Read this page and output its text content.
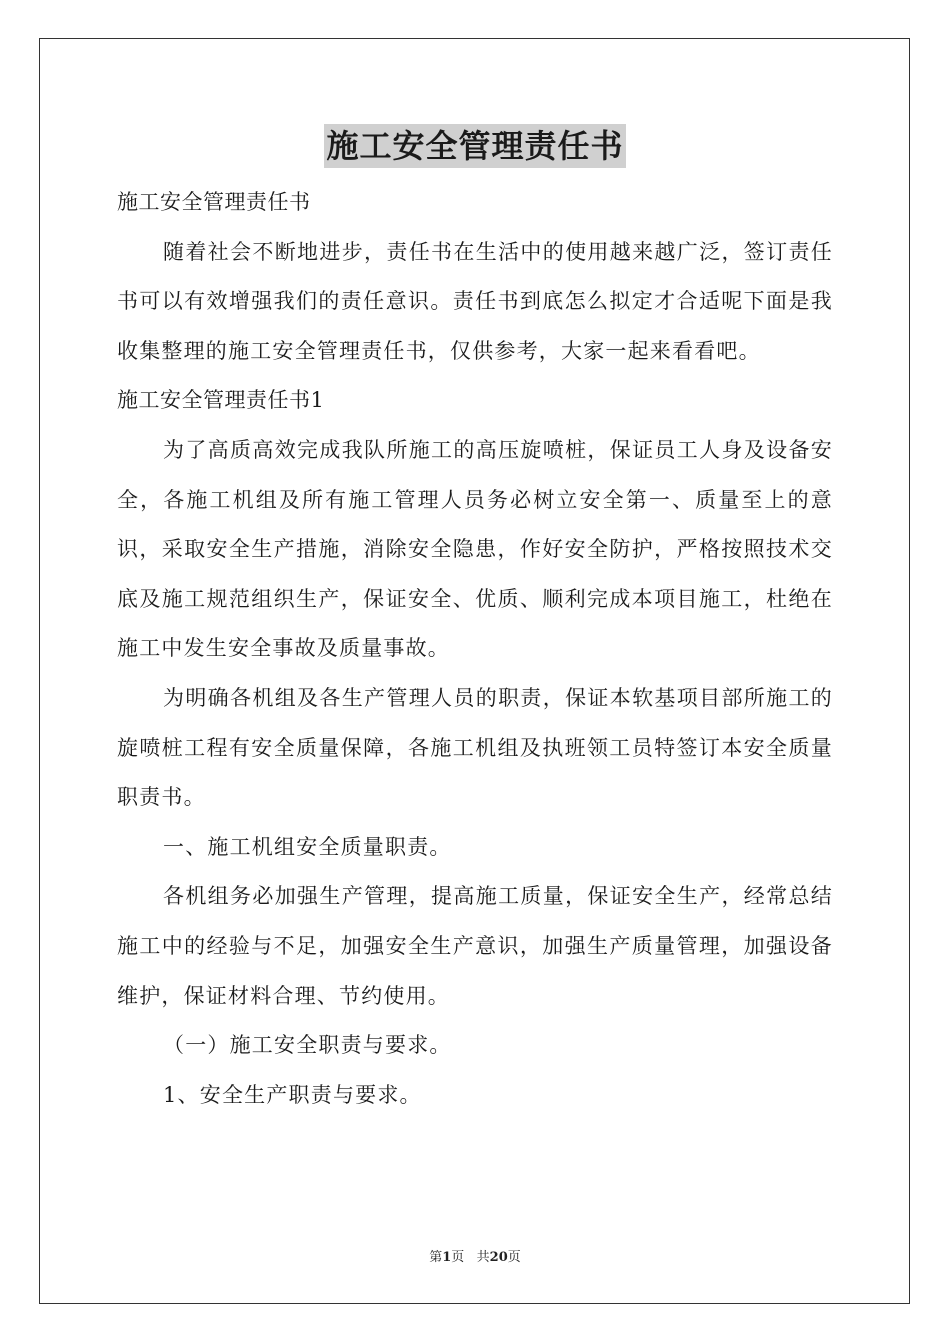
施工安全管理责任书

施工安全管理责任书

随着社会不断地进步，责任书在生活中的使用越来越广泛，签订责任书可以有效增强我们的责任意识。责任书到底怎么拟定才合适呢下面是我收集整理的施工安全管理责任书，仅供参考，大家一起来看看吧。

施工安全管理责任书1

为了高质高效完成我队所施工的高压旋喷桩，保证员工人身及设备安全，各施工机组及所有施工管理人员务必树立安全第一、质量至上的意识，采取安全生产措施，消除安全隐患，作好安全防护，严格按照技术交底及施工规范组织生产，保证安全、优质、顺利完成本项目施工，杜绝在施工中发生安全事故及质量事故。

为明确各机组及各生产管理人员的职责，保证本软基项目部所施工的旋喷桩工程有安全质量保障，各施工机组及执班领工员特签订本安全质量职责书。

一、施工机组安全质量职责。

各机组务必加强生产管理，提高施工质量，保证安全生产，经常总结施工中的经验与不足，加强安全生产意识，加强生产质量管理，加强设备维护，保证材料合理、节约使用。

（一）施工安全职责与要求。

1、安全生产职责与要求。

第1页   共20页
